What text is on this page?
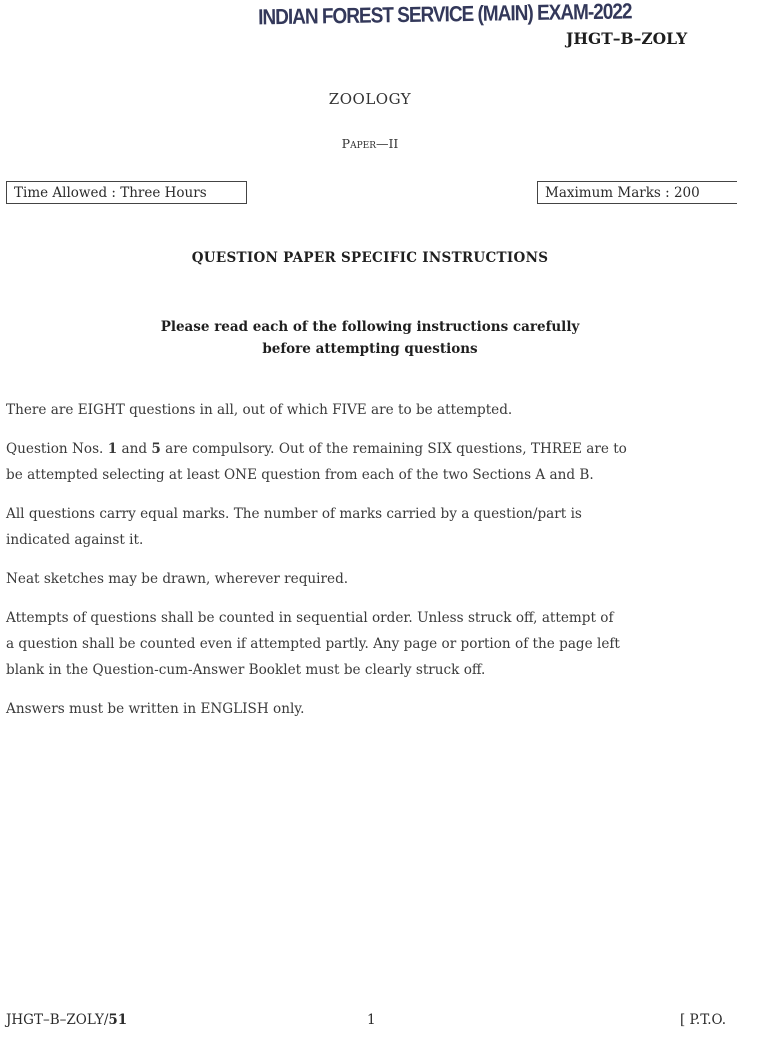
INDIAN FOREST SERVICE (MAIN) EXAM-2022
JHGT–B–ZOLY
ZOOLOGY
Paper—II
Time Allowed : Three Hours	Maximum Marks : 200
QUESTION PAPER SPECIFIC INSTRUCTIONS
Please read each of the following instructions carefully
before attempting questions

There are EIGHT questions in all, out of which FIVE are to be attempted.

Question Nos. 1 and 5 are compulsory. Out of the remaining SIX questions, THREE are to
be attempted selecting at least ONE question from each of the two Sections A and B.

All questions carry equal marks. The number of marks carried by a question/part is
indicated against it.

Neat sketches may be drawn, wherever required.

Attempts of questions shall be counted in sequential order. Unless struck off, attempt of
a question shall be counted even if attempted partly. Any page or portion of the page left
blank in the Question-cum-Answer Booklet must be clearly struck off.

Answers must be written in ENGLISH only.

JHGT–B–ZOLY/51	1	[ P.T.O.
